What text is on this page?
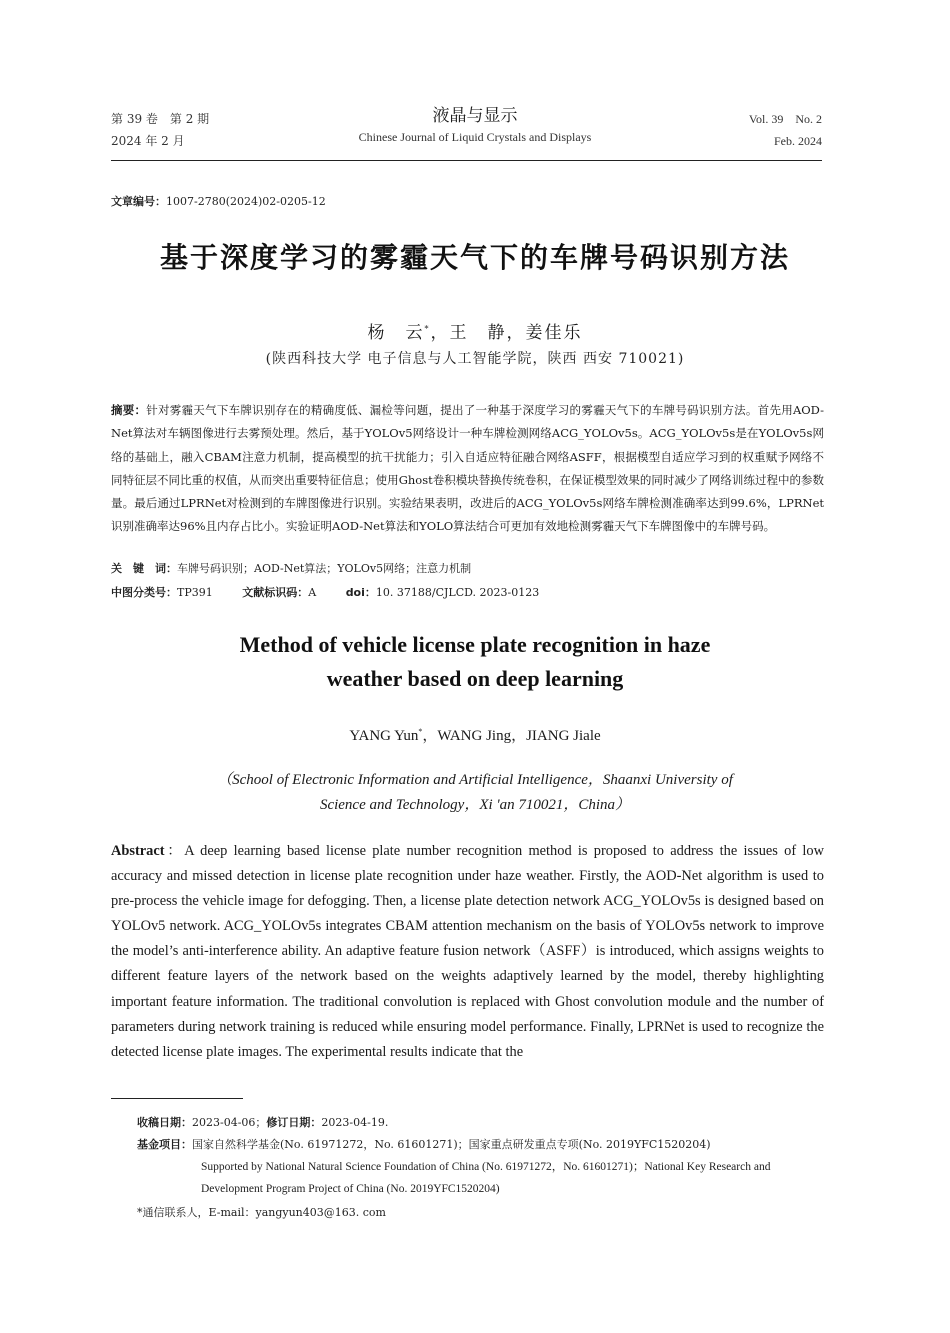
第 39 卷　第 2 期
2024 年 2 月
液晶与显示
Chinese Journal of Liquid Crystals and Displays
Vol. 39　No. 2
Feb. 2024
文章编号：1007-2780(2024)02-0205-12
基于深度学习的雾霾天气下的车牌号码识别方法
杨　云*，王　静，姜佳乐
(陕西科技大学 电子信息与人工智能学院，陕西 西安 710021)
摘要：针对雾霾天气下车牌识别存在的精确度低、漏检等问题，提出了一种基于深度学习的雾霾天气下的车牌号码识别方法。首先用AOD-Net算法对车辆图像进行去雾预处理。然后，基于YOLOv5网络设计一种车牌检测网络ACG_YOLOv5s。ACG_YOLOv5s是在YOLOv5s网络的基础上，融入CBAM注意力机制，提高模型的抗干扰能力；引入自适应特征融合网络ASFF，根据模型自适应学习到的权重赋予网络不同特征层不同比重的权值，从而突出重要特征信息；使用Ghost卷积模块替换传统卷积，在保证模型效果的同时减少了网络训练过程中的参数量。最后通过LPRNet对检测到的车牌图像进行识别。实验结果表明，改进后的ACG_YOLOv5s网络车牌检测准确率达到99.6%，LPRNet识别准确率达96%且内存占比小。实验证明AOD-Net算法和YOLO算法结合可更加有效地检测雾霾天气下车牌图像中的车牌号码。
关　键　词：车牌号码识别；AOD-Net算法；YOLOv5网络；注意力机制
中图分类号：TP391	文献标识码：A	doi：10. 37188/CJLCD. 2023-0123
Method of vehicle license plate recognition in haze
weather based on deep learning
YANG Yun*，WANG Jing，JIANG Jiale
（School of Electronic Information and Artificial Intelligence，Shaanxi University of
Science and Technology，Xi 'an 710021，China）
Abstract：A deep learning based license plate number recognition method is proposed to address the issues of low accuracy and missed detection in license plate recognition under haze weather. Firstly, the AOD-Net algorithm is used to pre-process the vehicle image for defogging. Then, a license plate detection network ACG_YOLOv5s is designed based on YOLOv5 network. ACG_YOLOv5s integrates CBAM attention mechanism on the basis of YOLOv5s network to improve the model’s anti-interference ability. An adaptive feature fusion network（ASFF）is introduced, which assigns weights to different feature layers of the network based on the weights adaptively learned by the model, thereby highlighting important feature information. The traditional convolution is replaced with Ghost convolution module and the number of parameters during network training is reduced while ensuring model performance. Finally, LPRNet is used to recognize the detected license plate images. The experimental results indicate that the
收稿日期：2023-04-06；修订日期：2023-04-19.
基金项目：国家自然科学基金(No. 61971272，No. 61601271)；国家重点研发重点专项(No. 2019YFC1520204)
Supported by National Natural Science Foundation of China (No. 61971272，No. 61601271)；National Key Research and Development Program Project of China (No. 2019YFC1520204)
*通信联系人，E-mail：yangyun403@163. com
